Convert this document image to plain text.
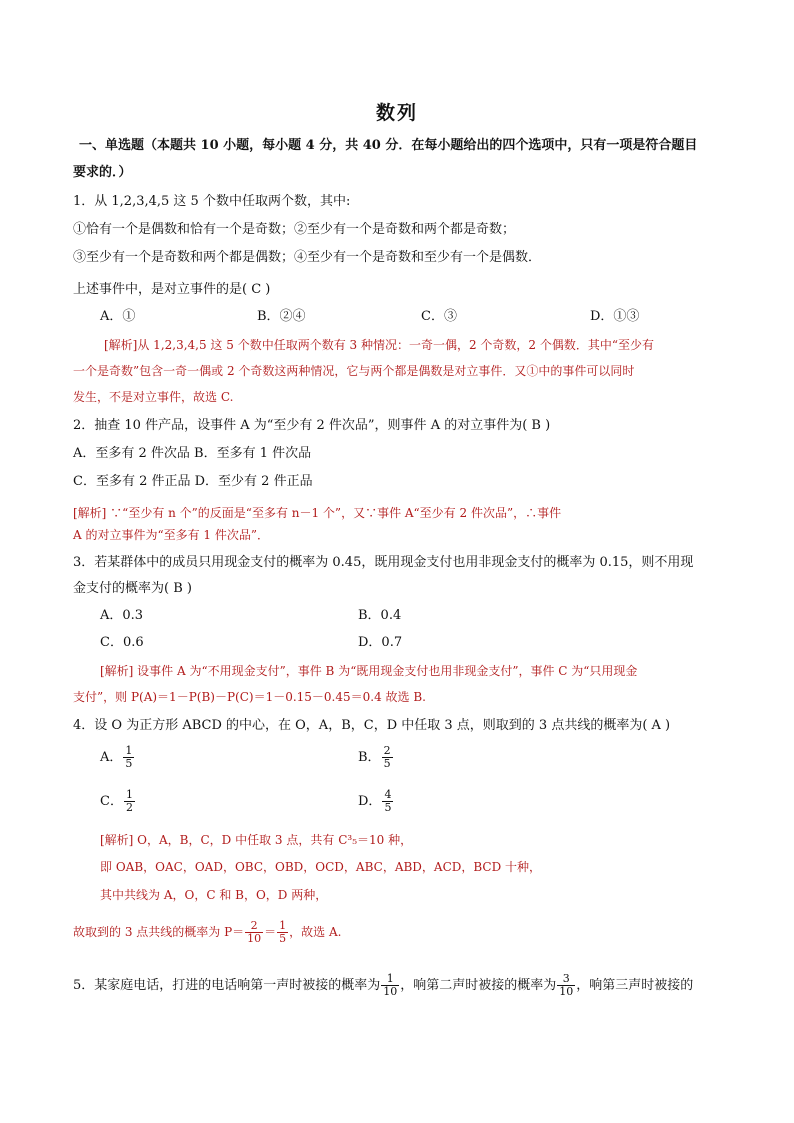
数列
一、单选题（本题共 10 小题，每小题 4 分，共 40 分．在每小题给出的四个选项中，只有一项是符合题目
要求的．）
1．从 1,2,3,4,5 这 5 个数中任取两个数，其中:
①恰有一个是偶数和恰有一个是奇数；②至少有一个是奇数和两个都是奇数；
③至少有一个是奇数和两个都是偶数；④至少有一个是奇数和至少有一个是偶数．
上述事件中，是对立事件的是( C )
A．①	B．②④	C．③	D．①③
[解析]从 1,2,3,4,5 这 5 个数中任取两个数有 3 种情况：一奇一偶，2 个奇数，2 个偶数．其中“至少有
一个是奇数”包含一奇一偶或 2 个奇数这两种情况，它与两个都是偶数是对立事件．又①中的事件可以同时
发生，不是对立事件，故选 C.
2．抽查 10 件产品，设事件 A 为“至少有 2 件次品”，则事件 A 的对立事件为( B )
A．至多有 2 件次品 B．至多有 1 件次品
C．至多有 2 件正品 D．至少有 2 件正品
[解析] ∵“至少有 n 个”的反面是“至多有 n－1 个”，又∵事件 A“至少有 2 件次品”，∴事件
A 的对立事件为“至多有 1 件次品”．
3．若某群体中的成员只用现金支付的概率为 0.45，既用现金支付也用非现金支付的概率为 0.15，则不用现
金支付的概率为( B )
A．0.3	B．0.4
C．0.6	D．0.7
[解析] 设事件 A 为“不用现金支付”，事件 B 为“既用现金支付也用非现金支付”，事件 C 为“只用现金
支付”，则 P(A)＝1－P(B)－P(C)＝1－0.15－0.45＝0.4 故选 B.
4．设 O 为正方形 ABCD 的中心，在 O，A，B，C，D 中任取 3 点，则取到的 3 点共线的概率为( A )
A． $\frac{1}{5}$	B． $\frac{2}{5}$
C． $\frac{1}{2}$	D． $\frac{4}{5}$
[解析] O，A，B，C，D 中任取 3 点，共有 C³₅＝10 种，
即 OAB，OAC，OAD，OBC，OBD，OCD，ABC，ABD，ACD，BCD 十种，
其中共线为 A，O，C 和 B，O，D 两种，
故取到的 3 点共线的概率为 $P= \frac{2}{10} = \frac{1}{5}$ ，故选 A.
5．某家庭电话，打进的电话响第一声时被接的概率为 $\frac{1}{10}$ ，响第二声时被接的概率为 $\frac{3}{10}$ ，响第三声时被接的
